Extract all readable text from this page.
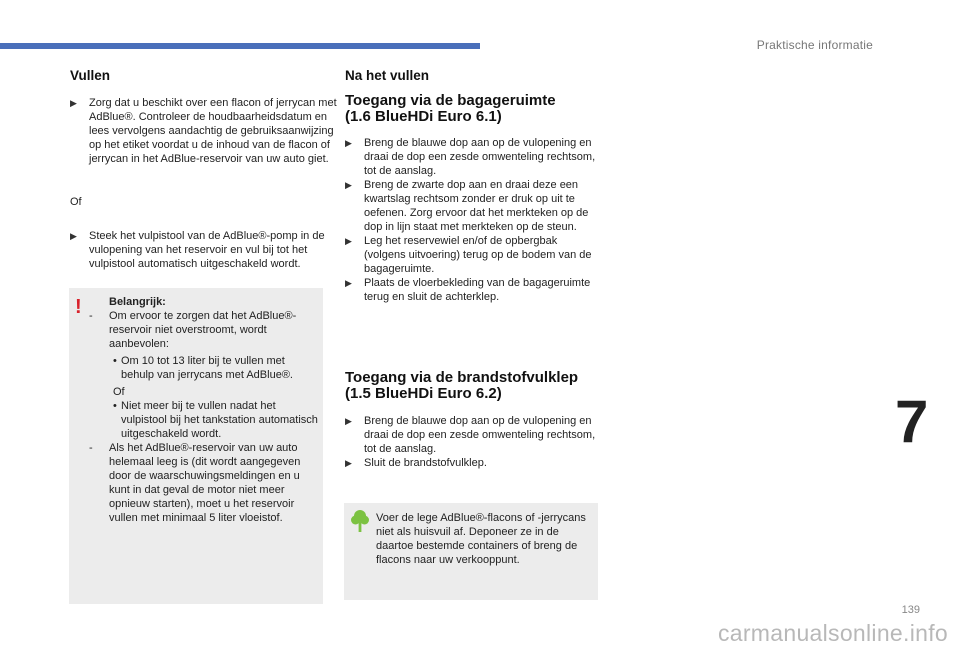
Praktische informatie
Vullen
▶︎ Zorg dat u beschikt over een flacon of jerrycan met AdBlue®. Controleer de houdbaarheidsdatum en lees vervolgens aandachtig de gebruiksaanwijzing op het etiket voordat u de inhoud van de flacon of jerrycan in het AdBlue-reservoir van uw auto giet.
Of
▶︎ Steek het vulpistool van de AdBlue®-pomp in de vulopening van het reservoir en vul bij tot het vulpistool automatisch uitgeschakeld wordt.
! Belangrijk:
- Om ervoor te zorgen dat het AdBlue®-reservoir niet overstroomt, wordt aanbevolen:
• Om 10 tot 13 liter bij te vullen met behulp van jerrycans met AdBlue®.
Of
• Niet meer bij te vullen nadat het vulpistool bij het tankstation automatisch uitgeschakeld wordt.
- Als het AdBlue®-reservoir van uw auto helemaal leeg is (dit wordt aangegeven door de waarschuwingsmeldingen en u kunt in dat geval de motor niet meer opnieuw starten), moet u het reservoir vullen met minimaal 5 liter vloeistof.
Na het vullen
Toegang via de bagageruimte
(1.6 BlueHDi Euro 6.1)
▶︎ Breng de blauwe dop aan op de vulopening en draai de dop een zesde omwenteling rechtsom, tot de aanslag.
▶︎ Breng de zwarte dop aan en draai deze een kwartslag rechtsom zonder er druk op uit te oefenen. Zorg ervoor dat het merkteken op de dop in lijn staat met merkteken op de steun.
▶︎ Leg het reservewiel en/of de opbergbak (volgens uitvoering) terug op de bodem van de bagageruimte.
▶︎ Plaats de vloerbekleding van de bagageruimte terug en sluit de achterklep.
Toegang via de brandstofvulklep
(1.5 BlueHDi Euro 6.2)
▶︎ Breng de blauwe dop aan op de vulopening en draai de dop een zesde omwenteling rechtsom, tot de aanslag.
▶︎ Sluit de brandstofvulklep.
Voer de lege AdBlue®-flacons of -jerrycans niet als huisvuil af. Deponeer ze in de daartoe bestemde containers of breng de flacons naar uw verkooppunt.
7
139
carmanualsonline.info
